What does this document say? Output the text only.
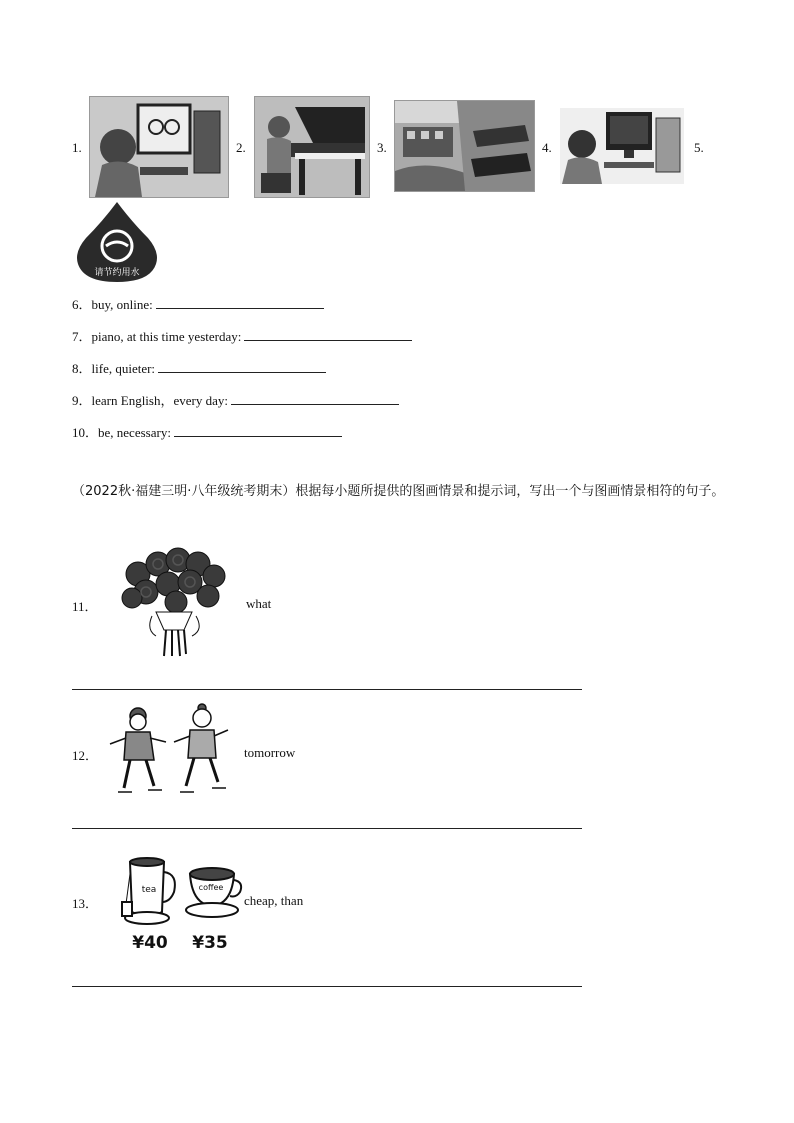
1.	2.	3.	4.	5.
请节约用水
6．buy, online:
7．piano, at this time yesterday:
8．life, quieter:
9．learn English，every day:
10．be, necessary:
（2022秋·福建三明·八年级统考期末）根据每小题所提供的图画情景和提示词，写出一个与图画情景相符的句子。
11．	what
12．	tomorrow
13．
tea	coffee
¥40 ¥35
cheap, than
